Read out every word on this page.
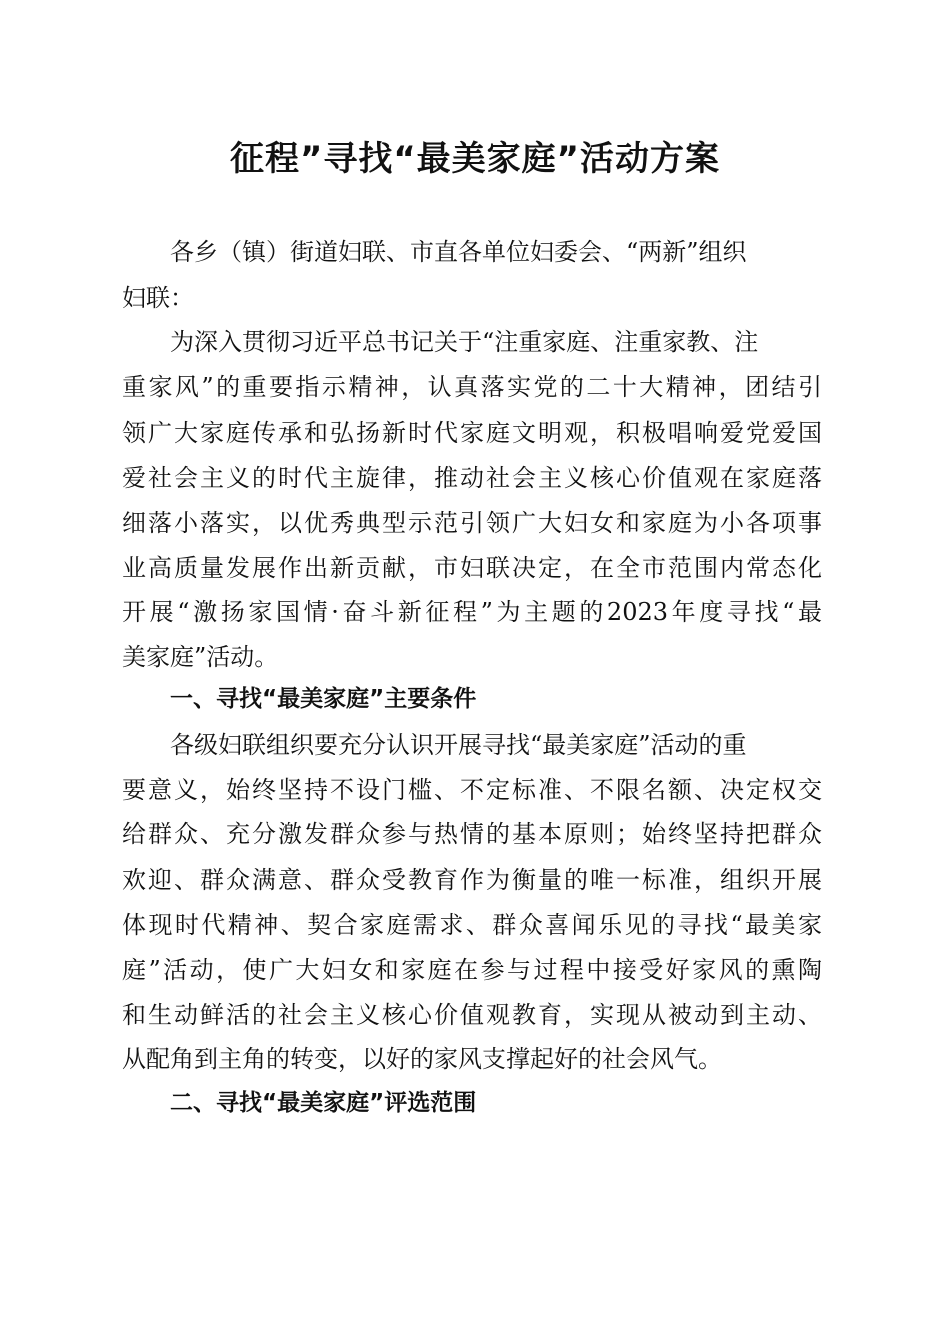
征程”寻找“最美家庭”活动方案

各乡（镇）街道妇联、市直各单位妇委会、“两新”组织

妇联：

为深入贯彻习近平总书记关于“注重家庭、注重家教、注

重家风”的重要指示精神，认真落实党的二十大精神，团结引

领广大家庭传承和弘扬新时代家庭文明观，积极唱响爱党爱国

爱社会主义的时代主旋律，推动社会主义核心价值观在家庭落

细落小落实，以优秀典型示范引领广大妇女和家庭为小各项事

业高质量发展作出新贡献，市妇联决定，在全市范围内常态化

开展“激扬家国情·奋斗新征程”为主题的2023年度寻找“最

美家庭”活动。

一、寻找“最美家庭”主要条件

各级妇联组织要充分认识开展寻找“最美家庭”活动的重

要意义，始终坚持不设门槛、不定标准、不限名额、决定权交

给群众、充分激发群众参与热情的基本原则；始终坚持把群众

欢迎、群众满意、群众受教育作为衡量的唯一标准，组织开展

体现时代精神、契合家庭需求、群众喜闻乐见的寻找“最美家

庭”活动，使广大妇女和家庭在参与过程中接受好家风的熏陶

和生动鲜活的社会主义核心价值观教育，实现从被动到主动、

从配角到主角的转变，以好的家风支撑起好的社会风气。

二、寻找“最美家庭”评选范围
